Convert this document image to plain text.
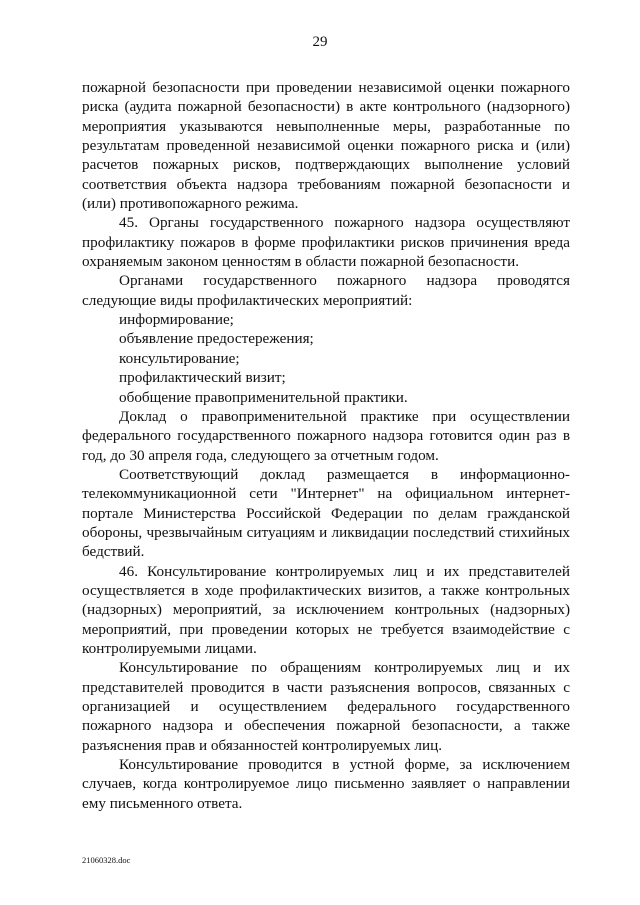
29

пожарной безопасности при проведении независимой оценки пожарного риска (аудита пожарной безопасности) в акте контрольного (надзорного) мероприятия указываются невыполненные меры, разработанные по результатам проведенной независимой оценки пожарного риска и (или) расчетов пожарных рисков, подтверждающих выполнение условий соответствия объекта надзора требованиям пожарной безопасности и (или) противопожарного режима.

45. Органы государственного пожарного надзора осуществляют профилактику пожаров в форме профилактики рисков причинения вреда охраняемым законом ценностям в области пожарной безопасности.

Органами государственного пожарного надзора проводятся следующие виды профилактических мероприятий:

информирование;

объявление предостережения;

консультирование;

профилактический визит;

обобщение правоприменительной практики.

Доклад о правоприменительной практике при осуществлении федерального государственного пожарного надзора готовится один раз в год, до 30 апреля года, следующего за отчетным годом.

Соответствующий доклад размещается в информационно-телекоммуникационной сети "Интернет" на официальном интернет-портале Министерства Российской Федерации по делам гражданской обороны, чрезвычайным ситуациям и ликвидации последствий стихийных бедствий.

46. Консультирование контролируемых лиц и их представителей осуществляется в ходе профилактических визитов, а также контрольных (надзорных) мероприятий, за исключением контрольных (надзорных) мероприятий, при проведении которых не требуется взаимодействие с контролируемыми лицами.

Консультирование по обращениям контролируемых лиц и их представителей проводится в части разъяснения вопросов, связанных с организацией и осуществлением федерального государственного пожарного надзора и обеспечения пожарной безопасности, а также разъяснения прав и обязанностей контролируемых лиц.

Консультирование проводится в устной форме, за исключением случаев, когда контролируемое лицо письменно заявляет о направлении ему письменного ответа.

21060328.doc
